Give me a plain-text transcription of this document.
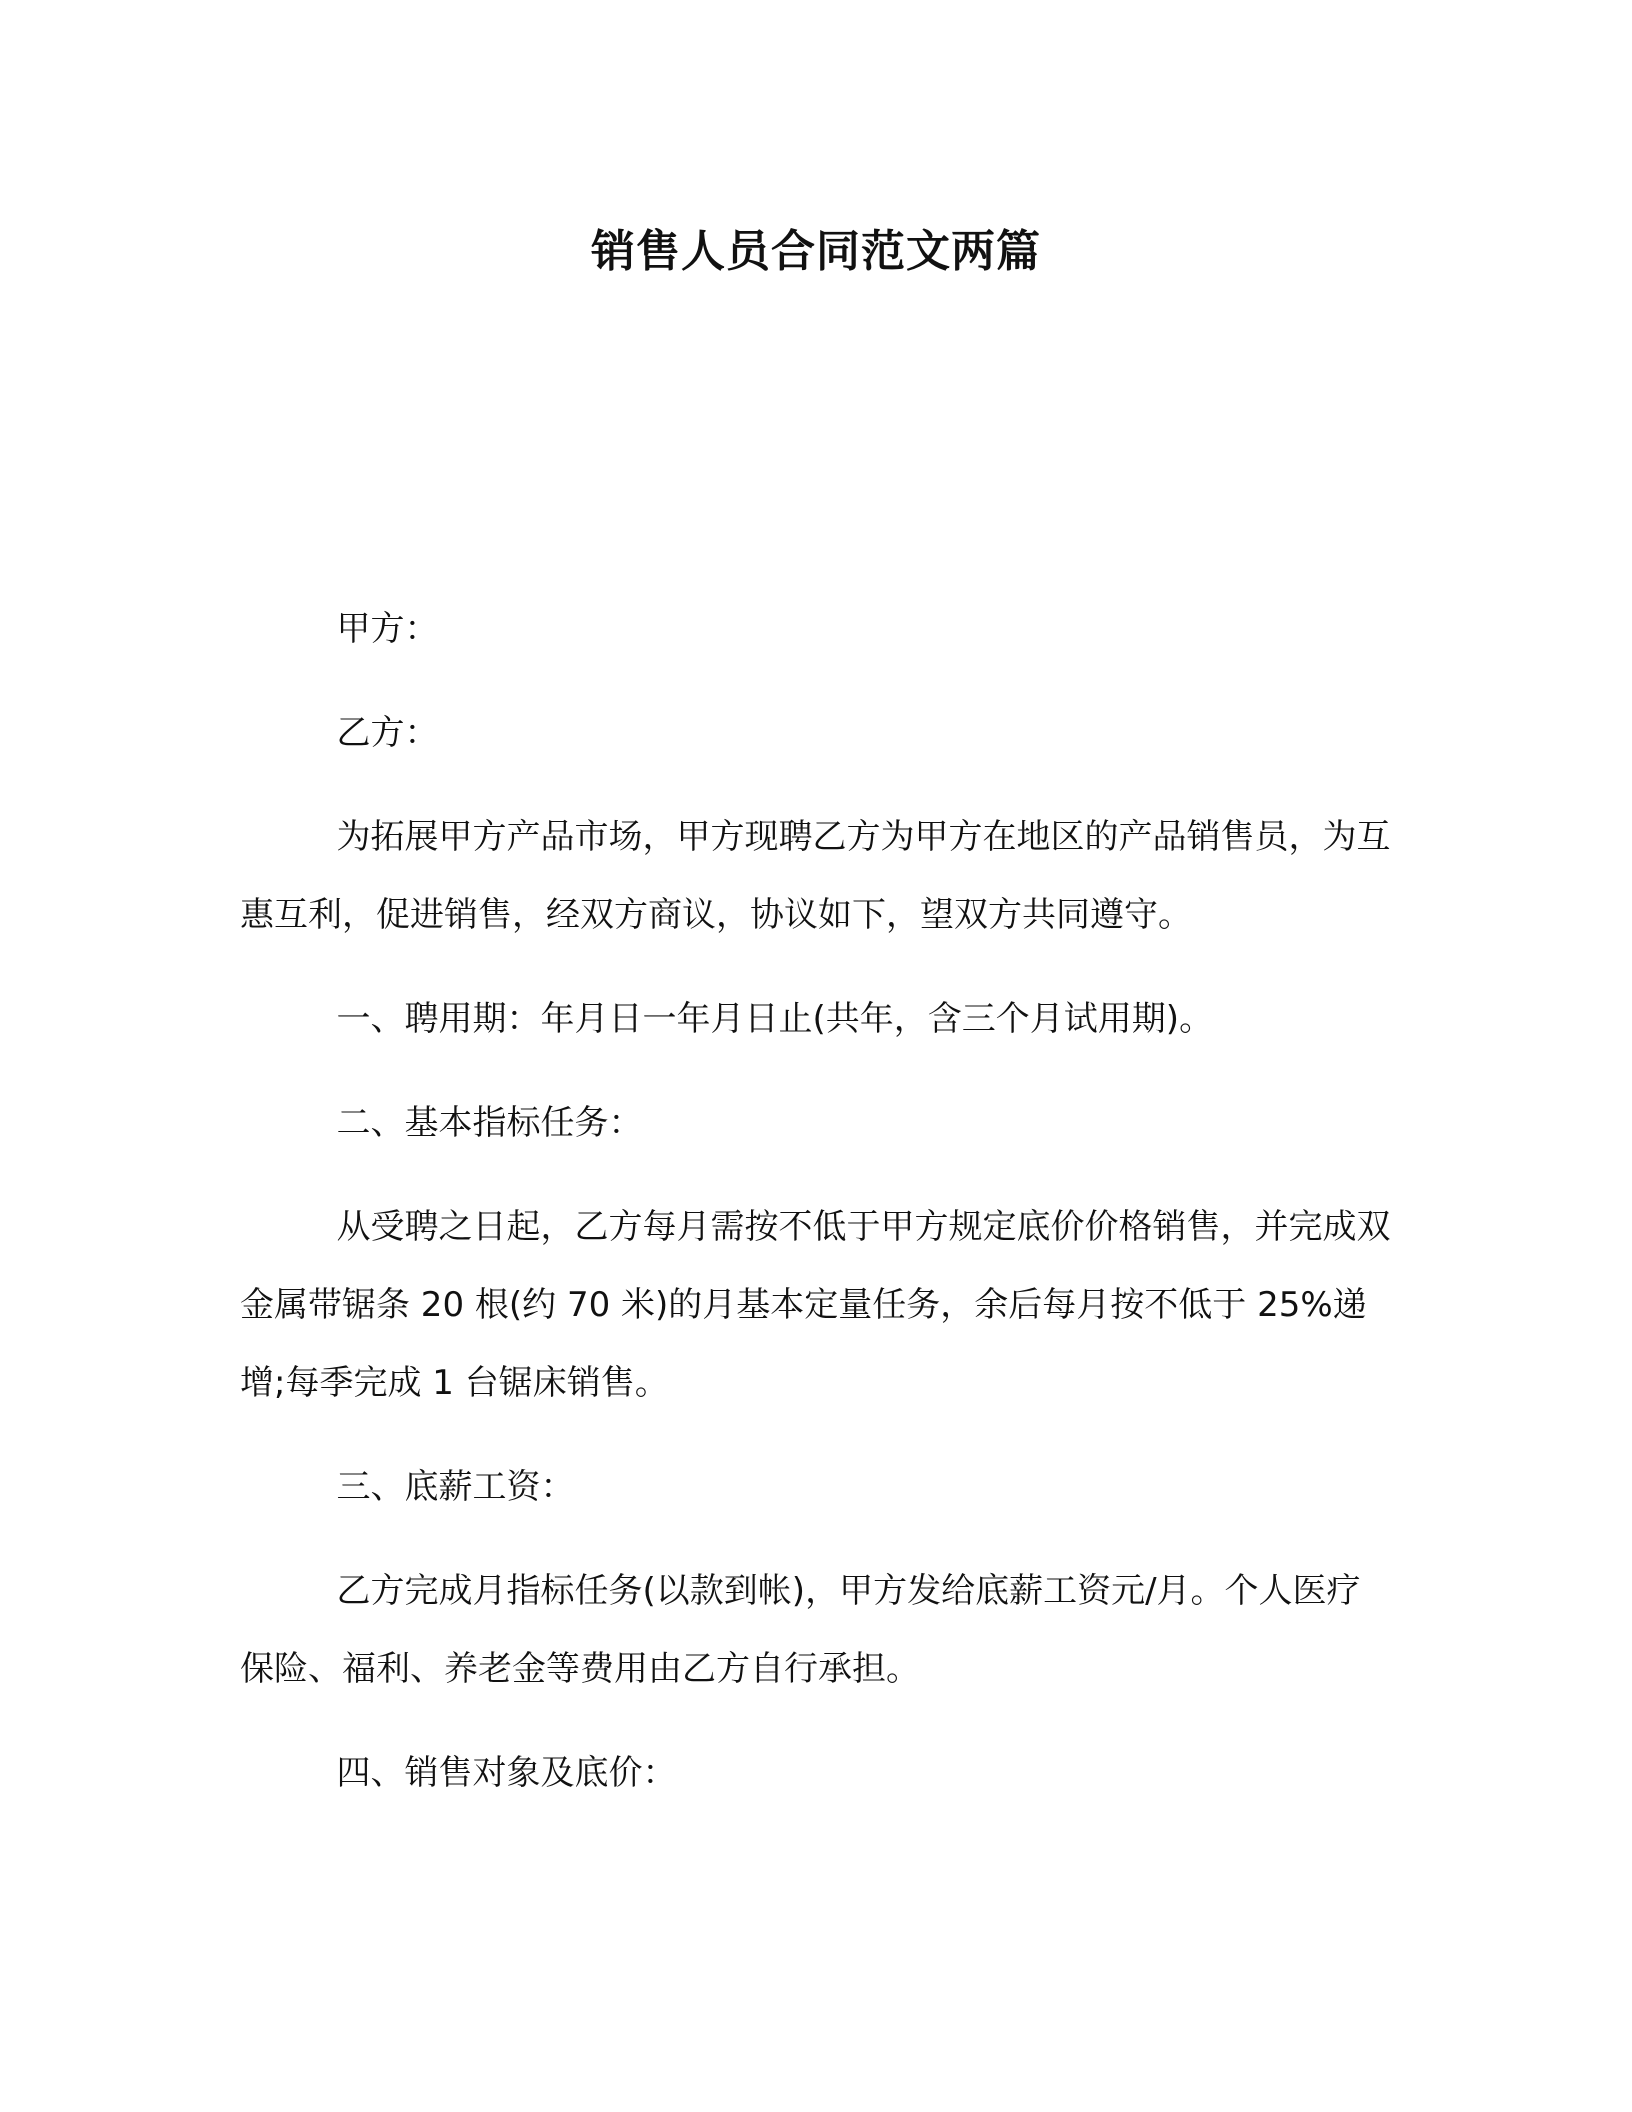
销售人员合同范文两篇

甲方：

乙方：

为拓展甲方产品市场，甲方现聘乙方为甲方在地区的产品销售员，为互惠互利，促进销售，经双方商议，协议如下，望双方共同遵守。

一、聘用期：年月日一年月日止(共年，含三个月试用期)。

二、基本指标任务：

从受聘之日起，乙方每月需按不低于甲方规定底价价格销售，并完成双金属带锯条 20 根(约 70 米)的月基本定量任务，余后每月按不低于 25%递增;每季完成 1 台锯床销售。

三、底薪工资：

乙方完成月指标任务(以款到帐)，甲方发给底薪工资元/月。个人医疗保险、福利、养老金等费用由乙方自行承担。

四、销售对象及底价：
